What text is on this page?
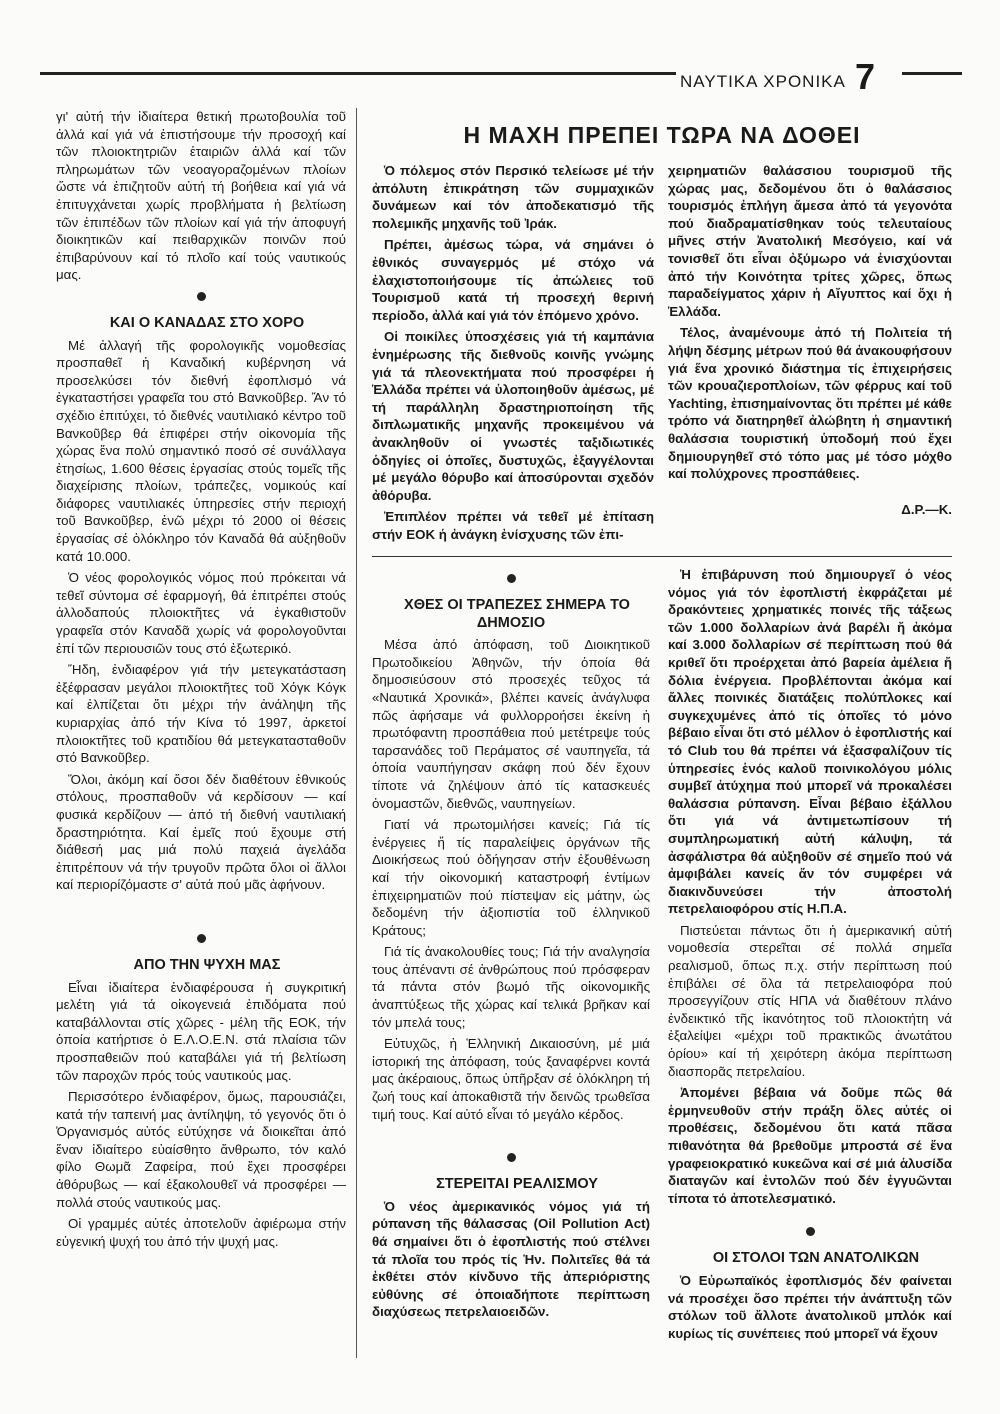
ΝΑΥΤΙΚΑ ΧΡΟΝΙΚΑ 7

γι' αὐτή τήν ἰδιαίτερα θετική πρωτοβουλία τοῦ ἀλλά καί γιά νά ἐπιστήσουμε τήν προσοχή καί τῶν πλοιοκτητριῶν ἑταιριῶν ἀλλά καί τῶν πληρωμάτων τῶν νεοαγοραζομένων πλοίων ὥστε νά ἐπιζητοῦν αὐτή τή βοήθεια καί γιά νά ἐπιτυγχάνεται χωρίς προβλήματα ἡ βελτίωση τῶν ἐπιπέδων τῶν πλοίων καί γιά τήν ἀποφυγή διοικητικῶν καί πειθαρχικῶν ποινῶν πού ἐπιβαρύνουν καί τό πλοῖο καί τούς ναυτικούς μας.

ΚΑΙ Ο ΚΑΝΑΔΑΣ ΣΤΟ ΧΟΡΟ

Μέ ἀλλαγή τῆς φορολογικῆς νομοθεσίας προσπαθεῖ ἡ Καναδική κυβέρνηση νά προσελκύσει τόν διεθνή ἐφοπλισμό νά ἐγκαταστήσει γραφεῖα του στό Βανκοῦβερ. Ἄν τό σχέδιο ἐπιτύχει, τό διεθνές ναυτιλιακό κέντρο τοῦ Βανκοῦβερ θά ἐπιφέρει στήν οἰκονομία τῆς χώρας ἕνα πολύ σημαντικό ποσό σέ συνάλλαγα ἐτησίως, 1.600 θέσεις ἐργασίας στούς τομεῖς τῆς διαχείρισης πλοίων, τράπεζες, νομικούς καί διάφορες ναυτιλιακές ὑπηρεσίες στήν περιοχή τοῦ Βανκοῦβερ, ἐνῶ μέχρι τό 2000 οἱ θέσεις ἐργασίας σέ ὁλόκληρο τόν Καναδά θά αὐξηθοῦν κατά 10.000.

Ὁ νέος φορολογικός νόμος πού πρόκειται νά τεθεῖ σύντομα σέ ἐφαρμογή, θά ἐπιτρέπει στούς ἀλλοδαπούς πλοιοκτῆτες νά ἐγκαθιστοῦν γραφεῖα στόν Καναδᾶ χωρίς νά φορολογοῦνται ἐπί τῶν περιουσιῶν τους στό ἐξωτερικό.

Ἤδη, ἐνδιαφέρον γιά τήν μετεγκατάσταση ἐξέφρασαν μεγάλοι πλοιοκτῆτες τοῦ Χόγκ Κόγκ καί ἐλπίζεται ὅτι μέχρι τήν ἀνάληψη τῆς κυριαρχίας ἀπό τήν Κίνα τό 1997, ἀρκετοί πλοιοκτῆτες τοῦ κρατιδίου θά μετεγκατασταθοῦν στό Βανκοῦβερ.

Ὅλοι, ἀκόμη καί ὅσοι δέν διαθέτουν ἐθνικούς στόλους, προσπαθοῦν νά κερδίσουν — καί φυσικά κερδίζουν — ἀπό τή διεθνή ναυτιλιακή δραστηριότητα. Καί ἐμεῖς πού ἔχουμε στή διάθεσή μας μιά πολύ παχειά ἀγελάδα ἐπιτρέπουν νά τήν τρυγοῦν πρῶτα ὅλοι οἱ ἄλλοι καί περιορίζόμαστε σ' αὐτά πού μᾶς ἀφήνουν.

ΑΠΟ ΤΗΝ ΨΥΧΗ ΜΑΣ

Εἶναι ἰδιαίτερα ἐνδιαφέρουσα ἡ συγκριτική μελέτη γιά τά οἰκογενειά ἐπιδόματα πού καταβάλλονται στίς χῶρες - μέλη τῆς ΕΟΚ, τήν ὁποία κατήρτισε ὁ Ε.Λ.Ο.Ε.Ν. στά πλαίσια τῶν προσπαθειῶν πού καταβάλει γιά τή βελτίωση τῶν παροχῶν πρός τούς ναυτικούς μας.

Περισσότερο ἐνδιαφέρον, ὅμως, παρουσιάζει, κατά τήν ταπεινή μας ἀντίληψη, τό γεγονός ὅτι ὁ Ὀργανισμός αὐτός εὐτύχησε νά διοικεῖται ἀπό ἕναν ἰδιαίτερο εὐαίσθητο ἄνθρωπο, τόν καλό φίλο Θωμᾶ Ζαφείρα, πού ἔχει προσφέρει ἀθόρυβως — καί ἐξακολουθεῖ νά προσφέρει — πολλά στούς ναυτικούς μας.

Οἱ γραμμές αὐτές ἀποτελοῦν ἀφιέρωμα στήν εὐγενική ψυχή του ἀπό τήν ψυχή μας.

Η ΜΑΧΗ ΠΡΕΠΕΙ ΤΩΡΑ ΝΑ ΔΟΘΕΙ

Ὁ πόλεμος στόν Περσικό τελείωσε μέ τήν ἀπόλυτη ἐπικράτηση τῶν συμμαχικῶν δυνάμεων καί τόν ἀποδεκατισμό τῆς πολεμικῆς μηχανῆς τοῦ Ἰράκ.

Πρέπει, ἀμέσως τώρα, νά σημάνει ὁ ἐθνικός συναγερμός μέ στόχο νά ἐλαχιστοποιήσουμε τίς ἀπώλειες τοῦ Τουρισμοῦ κατά τή προσεχή θερινή περίοδο, ἀλλά καί γιά τόν ἐπόμενο χρόνο.

Οἱ ποικίλες ὑποσχέσεις γιά τή καμπάνια ἐνημέρωσης τῆς διεθνοῦς κοινῆς γνώμης γιά τά πλεονεκτήματα πού προσφέρει ἡ Ἑλλάδα πρέπει νά ὑλοποιηθοῦν ἀμέσως, μέ τή παράλληλη δραστηριοποίηση τῆς διπλωματικῆς μηχανῆς προκειμένου νά ἀνακληθοῦν οἱ γνωστές ταξιδιωτικές ὁδηγίες οἱ ὁποῖες, δυστυχῶς, ἐξαγγέλονται μέ μεγάλο θόρυβο καί ἀποσύρονται σχεδόν ἀθόρυβα.

Ἐπιπλέον πρέπει νά τεθεῖ μέ ἐπίταση στήν ΕΟΚ ἡ ἀνάγκη ἐνίσχυσης τῶν ἐπι-

χειρηματιῶν θαλάσσιου τουρισμοῦ τῆς χώρας μας, δεδομένου ὅτι ὁ θαλάσσιος τουρισμός ἐπλήγη ἄμεσα ἀπό τά γεγονότα πού διαδραματίσθηκαν τούς τελευταίους μῆνες στήν Ἀνατολική Μεσόγειο, καί νά τονισθεῖ ὅτι εἶναι ὀξύμωρο νά ἐνισχύονται ἀπό τήν Κοινότητα τρίτες χῶρες, ὅπως παραδείγματος χάριν ἡ Αἴγυπτος καί ὄχι ἡ Ἑλλάδα.

Τέλος, ἀναμένουμε ἀπό τή Πολιτεία τή λήψη δέσμης μέτρων πού θά ἀνακουφήσουν γιά ἕνα χρονικό διάστημα τίς ἐπιχειρήσεις τῶν κρουαζιεροπλοίων, τῶν φέρρυς καί τοῦ Yachting, ἐπισημαίνοντας ὅτι πρέπει μέ κάθε τρόπο νά διατηρηθεῖ ἀλώβητη ἡ σημαντική θαλάσσια τουριστική ὑποδομή πού ἔχει δημιουργηθεῖ στό τόπο μας μέ τόσο μόχθο καί πολύχρονες προσπάθειες.

Δ.Ρ.—Κ.

ΧΘΕΣ ΟΙ ΤΡΑΠΕΖΕΣ ΣΗΜΕΡΑ ΤΟ ΔΗΜΟΣΙΟ

Μέσα ἀπό ἀπόφαση, τοῦ Διοικητικοῦ Πρωτοδικείου Ἀθηνῶν, τήν ὁποία θά δημοσιεύσουν στό προσεχές τεῦχος τά «Ναυτικά Χρονικά», βλέπει κανείς ἀνάγλυφα πῶς ἀφήσαμε νά φυλλορροήσει ἐκείνη ἡ πρωτόφαντη προσπάθεια πού μετέτρεψε τούς ταρσανάδες τοῦ Περάματος σέ ναυπηγεῖα, τά ὁποία ναυπήγησαν σκάφη πού δέν ἔχουν τίποτε νά ζηλέψουν ἀπό τίς κατασκευές ὀνομαστῶν, διεθνῶς, ναυπηγείων.

Γιατί νά πρωτομιλήσει κανείς; Γιά τίς ἐνέργειες ἤ τίς παραλείψεις ὀργάνων τῆς Διοικήσεως πού ὁδήγησαν στήν ἐξουθένωση καί τήν οἰκονομική καταστροφή ἐντίμων ἐπιχειρηματιῶν πού πίστεψαν εἰς μάτην, ὡς δεδομένη τήν ἀξιοπιστία τοῦ ἑλληνικοῦ Κράτους;

Γιά τίς ἀνακολουθίες τους; Γιά τήν αναλγησία τους ἀπέναντι σέ ἀνθρώπους πού πρόσφεραν τά πάντα στόν βωμό τῆς οἰκονομικῆς ἀναπτύξεως τῆς χώρας καί τελικά βρῆκαν καί τόν μπελά τους;

Εὐτυχῶς, ἡ Ἑλληνική Δικαιοσύνη, μέ μιά ἱστορική της ἀπόφαση, τούς ξαναφέρνει κοντά μας ἀκέραιους, ὅπως ὑπῆρξαν σέ ὁλόκληρη τή ζωή τους καί ἀποκαθιστᾶ τήν δεινῶς τρωθεῖσα τιμή τους. Καί αὐτό εἶναι τό μεγάλο κέρδος.

ΣΤΕΡΕΙΤΑΙ ΡΕΑΛΙΣΜΟΥ

Ὁ νέος ἀμερικανικός νόμος γιά τή ρύπανση τῆς θάλασσας (Oil Pollution Act) θά σημαίνει ὅτι ὁ ἐφοπλιστής πού στέλνει τά πλοῖα του πρός τίς Ἡν. Πολιτεῖες θά τά ἐκθέτει στόν κίνδυνο τῆς ἀπεριόριστης εὐθύνης σέ ὁποιαδήποτε περίπτωση διαχύσεως πετρελαιοειδῶν.

Ἡ ἐπιβάρυνση πού δημιουργεῖ ὁ νέος νόμος γιά τόν ἐφοπλιστή ἐκφράζεται μέ δρακόντειες χρηματικές ποινές τῆς τάξεως τῶν 1.000 δολλαρίων ἀνά βαρέλι ἤ ἀκόμα καί 3.000 δολλαρίων σέ περίπτωση πού θά κριθεῖ ὅτι προέρχεται ἀπό βαρεία ἀμέλεια ἤ δόλια ἐνέργεια. Προβλέπονται ἀκόμα καί ἄλλες ποινικές διατάξεις πολύπλοκες καί συγκεχυμένες ἀπό τίς ὁποῖες τό μόνο βέβαιο εἶναι ὅτι στό μέλλον ὁ ἐφοπλιστής καί τό Club του θά πρέπει νά ἐξασφαλίζουν τίς ὑπηρεσίες ἑνός καλοῦ ποινικολόγου μόλις συμβεῖ ἀτύχημα πού μπορεῖ νά προκαλέσει θαλάσσια ρύπανση. Εἶναι βέβαιο ἐξάλλου ὅτι γιά νά ἀντιμετωπίσουν τή συμπληρωματική αὐτή κάλυψη, τά ἀσφάλιστρα θά αὐξηθοῦν σέ σημεῖο πού νά ἀμφιβάλει κανείς ἄν τόν συμφέρει νά διακινδυνεύσει τήν ἀποστολή πετρελαιοφόρου στίς Η.Π.Α.

Πιστεύεται πάντως ὅτι ἡ ἀμερικανική αὐτή νομοθεσία στερεῖται σέ πολλά σημεῖα ρεαλισμοῦ, ὅπως π.χ. στήν περίπτωση πού ἐπιβάλει σέ ὅλα τά πετρελαιοφόρα πού προσεγγίζουν στίς ΗΠΑ νά διαθέτουν πλάνο ἐνδεικτικό τῆς ἱκανότητος τοῦ πλοιοκτήτη νά ἐξαλείψει «μέχρι τοῦ πρακτικῶς ἀνωτάτου ὁρίου» καί τή χειρότερη ἀκόμα περίπτωση διασπορᾶς πετρελαίου.

Ἀπομένει βέβαια νά δοῦμε πῶς θά ἑρμηνευθοῦν στήν πράξη ὅλες αὐτές οἱ προθέσεις, δεδομένου ὅτι κατά πᾶσα πιθανότητα θά βρεθοῦμε μπροστά σέ ἕνα γραφειοκρατικό κυκεῶνα καί σέ μιά ἁλυσίδα διαταγῶν καί ἐντολῶν πού δέν ἐγγυῶνται τίποτα τό ἀποτελεσματικό.

ΟΙ ΣΤΟΛΟΙ ΤΩΝ ΑΝΑΤΟΛΙΚΩΝ

Ὁ Εὐρωπαϊκός ἐφοπλισμός δέν φαίνεται νά προσέχει ὅσο πρέπει τήν ἀνάπτυξη τῶν στόλων τοῦ ἄλλοτε ἀνατολικοῦ μπλόκ καί κυρίως τίς συνέπειες πού μπορεῖ νά ἔχουν
